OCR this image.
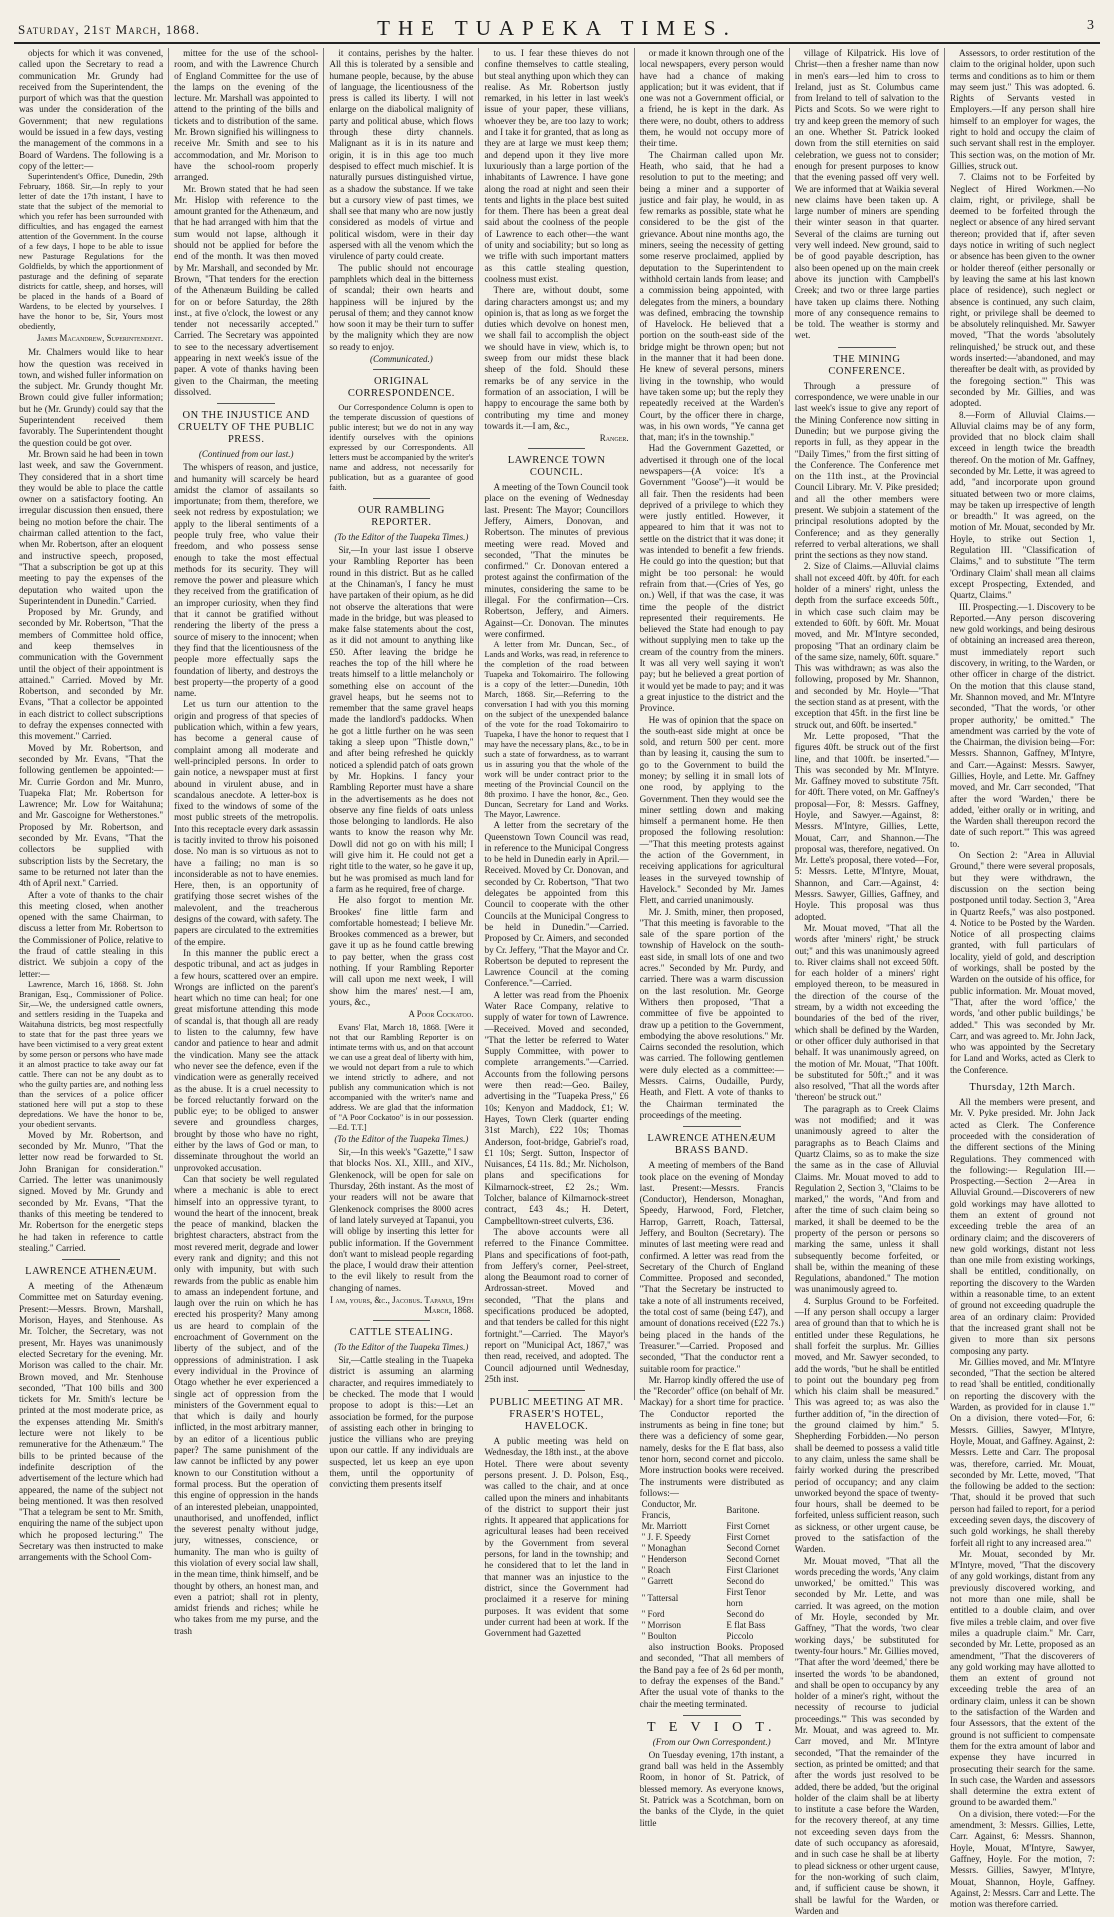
Saturday, 21st March, 1868.	THE TUAPEKA TIMES.	3

objects for which it was convened, called upon the Secretary to read a communication Mr. Grundy had received from the Superintendent, the purport of which was that the question was under the consideration of the Government; that new regulations would be issued in a few days, vesting the management of the commons in a Board of Wardens. The following is a copy of the letter:—

Superintendent's Office, Dunedin, 29th February, 1868. Sir,—In reply to your letter of date the 17th instant, I have to state that the subject of the memorial to which you refer has been surrounded with difficulties, and has engaged the earnest attention of the Government. In the course of a few days, I hope to be able to issue new Pasturage Regulations for the Goldfields, by which the apportionment of pasturage and the defining of separate districts for cattle, sheep, and horses, will be placed in the hands of a Board of Wardens, to be elected by yourselves. I have the honor to be, Sir, Yours most obediently,

James Macandrew, Superintendent.

Mr. Chalmers would like to hear how the question was received in town, and wished fuller information on the subject. Mr. Grundy thought Mr. Brown could give fuller information; but he (Mr. Grundy) could say that the Superintendent received them favorably. The Superintendent thought the question could be got over.

Mr. Brown said he had been in town last week, and saw the Government. They considered that in a short time they would be able to place the cattle owner on a satisfactory footing. An irregular discussion then ensued, there being no motion before the chair. The chairman called attention to the fact, when Mr. Robertson, after an eloquent and instructive speech, proposed, "That a subscription be got up at this meeting to pay the expenses of the deputation who waited upon the Superintendent in Dunedin." Carried.

Proposed by Mr. Grundy, and seconded by Mr. Robertson, "That the members of Committee hold office, and keep themselves in communication with the Government until the object of their appointment is attained." Carried. Moved by Mr. Robertson, and seconded by Mr. Evans, "That a collector be appointed in each district to collect subscriptions to defray the expenses connected with this movement." Carried.

Moved by Mr. Robertson, and seconded by Mr. Evans, "That the following gentlemen be appointed:—Mr. Currie Gordon and Mr. Munro, Tuapeka Flat; Mr. Robertson for Lawrence; Mr. Low for Waitahuna; and Mr. Gascoigne for Wetherstones." Proposed by Mr. Robertson, and seconded by Mr. Evans, "That the collectors be supplied with subscription lists by the Secretary, the same to be returned not later than the 4th of April next." Carried.

After a vote of thanks to the chair this meeting closed, when another opened with the same Chairman, to discuss a letter from Mr. Robertson to the Commissioner of Police, relative to the fraud of cattle stealing in this district. We subjoin a copy of the letter:—

Lawrence, March 16, 1868. St. John Branigan, Esq., Commissioner of Police. Sir,—We, the undersigned cattle owners, and settlers residing in the Tuapeka and Waitahuna districts, beg most respectfully to state that for the past three years we have been victimised to a very great extent by some person or persons who have made it an almost practice to take away our fat cattle. There can not be any doubt as to who the guilty parties are, and nothing less than the services of a police officer stationed here will put a stop to these depredations. We have the honor to be, your obedient servants.

Moved by Mr. Robertson, and seconded by Mr. Munro, "That the letter now read be forwarded to St. John Branigan for consideration." Carried. The letter was unanimously signed. Moved by Mr. Grundy and seconded by Mr. Evans, "That the thanks of this meeting be tendered to Mr. Robertson for the energetic steps he had taken in reference to cattle stealing." Carried.

LAWRENCE ATHENÆUM.

A meeting of the Athenæum Committee met on Saturday evening. Present:—Messrs. Brown, Marshall, Morison, Hayes, and Stenhouse. As Mr. Tolcher, the Secretary, was not present, Mr. Hayes was unanimously elected Secretary for the evening. Mr. Morison was called to the chair. Mr. Brown moved, and Mr. Stenhouse seconded, "That 100 bills and 300 tickets for Mr. Smith's lecture be printed at the most moderate price, as the expenses attending Mr. Smith's lecture were not likely to be remunerative for the Athenæum." The bills to be printed because of the indefinite description of the advertisement of the lecture which had appeared, the name of the subject not being mentioned. It was then resolved "That a telegram be sent to Mr. Smith, enquiring the name of the subject upon which he proposed lecturing." The Secretary was then instructed to make arrangements with the School Com-

mittee for the use of the school-room, and with the Lawrence Church of England Committee for the use of the lamps on the evening of the lecture. Mr. Marshall was appointed to attend to the printing of the bills and tickets and to distribution of the same. Mr. Brown signified his willingness to receive Mr. Smith and see to his accommodation, and Mr. Morison to have the school-room properly arranged.

Mr. Brown stated that he had seen Mr. Hislop with reference to the amount granted for the Athenæum, and that he had arranged with him that the sum would not lapse, although it should not be applied for before the end of the month. It was then moved by Mr. Marshall, and seconded by Mr. Brown, "That tenders for the erection of the Athenæum Building be called for on or before Saturday, the 28th inst., at five o'clock, the lowest or any tender not necessarily accepted." Carried. The Secretary was appointed to see to the necessary advertisement appearing in next week's issue of the paper. A vote of thanks having been given to the Chairman, the meeting dissolved.

ON THE INJUSTICE AND CRUELTY OF THE PUBLIC PRESS.
(Continued from our last.)

The whispers of reason, and justice, and humanity will scarcely be heard amidst the clamor of assailants so importunate; from them, therefore, we seek not redress by expostulation; we apply to the liberal sentiments of a people truly free, who value their freedom, and who possess sense enough to take the most effectual methods for its security. They will remove the power and pleasure which they received from the gratification of an improper curiosity, when they find that it cannot be gratified without rendering the liberty of the press a source of misery to the innocent; when they find that the licentiousness of the people more effectually saps the foundation of liberty, and destroys the best property—the property of a good name.

Let us turn our attention to the origin and progress of that species of publication which, within a few years, has become a general cause of complaint among all moderate and well-principled persons. In order to gain notice, a newspaper must at first abound in virulent abuse, and in scandalous anecdote. A letter-box is fixed to the windows of some of the most public streets of the metropolis. Into this receptacle every dark assassin is tacitly invited to throw his poisoned dose. No man is so virtuous as not to have a failing; no man is so inconsiderable as not to have enemies. Here, then, is an opportunity of gratifying those secret wishes of the malevolent, and the treacherous designs of the coward, with safety. The papers are circulated to the extremities of the empire.

In this manner the public erect a despotic tribunal, and act as judges in a few hours, scattered over an empire. Wrongs are inflicted on the parent's heart which no time can heal; for one great misfortune attending this mode of scandal is, that though all are ready to listen to the calumny, few have candor and patience to hear and admit the vindication. Many see the attack who never see the defence, even if the vindication were as generally received as the abuse. It is a cruel necessity to be forced reluctantly forward on the public eye; to be obliged to answer severe and groundless charges, brought by those who have no right, either by the laws of God or man, to disseminate throughout the world an unprovoked accusation.

Can that society be well regulated where a mechanic is able to erect himself into an oppressive tyrant, to wound the heart of the innocent, break the peace of mankind, blacken the brightest characters, abstract from the most revered merit, degrade and lower every rank and dignity; and this not only with impunity, but with such rewards from the public as enable him to amass an independent fortune, and laugh over the ruin on which he has erected his prosperity? Many among us are heard to complain of the encroachment of Government on the liberty of the subject, and of the oppressions of administration. I ask every individual in the Province of Otago whether he ever experienced a single act of oppression from the ministers of the Government equal to that which is daily and hourly inflicted, in the most arbitrary manner, by an editor of a licentious public paper? The same punishment of the law cannot be inflicted by any power known to our Constitution without a formal process. But the operation of this engine of oppression in the hands of an interested plebeian, unappointed, unauthorised, and unoffended, inflict the severest penalty without judge, jury, witnesses, conscience, or humanity. The man who is guilty of this violation of every social law shall, in the mean time, think himself, and be thought by others, an honest man, and even a patriot; shall rot in plenty, amidst friends and riches; while he who takes from me my purse, and the trash

it contains, perishes by the halter. All this is tolerated by a sensible and humane people, because, by the abuse of language, the licentiousness of the press is called its liberty. I will not enlarge on the diabolical malignity of party and political abuse, which flows through these dirty channels. Malignant as it is in its nature and origin, it is in this age too much despised to effect much mischief. It is naturally pursues distinguished virtue, as a shadow the substance. If we take but a cursory view of past times, we shall see that many who are now justly considered as models of virtue and political wisdom, were in their day aspersed with all the venom which the virulence of party could create.

The public should not encourage pamphlets which deal in the bitterness of scandal; their own hearts and happiness will be injured by the perusal of them; and they cannot know how soon it may be their turn to suffer by the malignity which they are now so ready to enjoy.

(Communicated.)
ORIGINAL CORRESPONDENCE.

Our Correspondence Column is open to the temperate discussion of questions of public interest; but we do not in any way identify ourselves with the opinions expressed by our Correspondents. All letters must be accompanied by the writer's name and address, not necessarily for publication, but as a guarantee of good faith.

OUR RAMBLING REPORTER.
(To the Editor of the Tuapeka Times.)

Sir,—In your last issue I observe your Rambling Reporter has been round in this district. But as he called at the Chinaman's, I fancy he must have partaken of their opium, as he did not observe the alterations that were made in the bridge, but was pleased to make false statements about the cost, as it did not amount to anything like £50. After leaving the bridge he reaches the top of the hill where he treats himself to a little melancholy or something else on account of the gravel heaps, but he seems not to remember that the same gravel heaps made the landlord's paddocks. When he got a little further on he was seen taking a sleep upon "Thistle down," and after being refreshed he quickly noticed a splendid patch of oats grown by Mr. Hopkins. I fancy your Rambling Reporter must have a share in the advertisements as he does not observe any fine fields of oats unless those belonging to landlords. He also wants to know the reason why Mr. Dowll did not go on with his mill; I will give him it. He could not get a right title to the water, so he gave it up, but he was promised as much land for a farm as he required, free of charge.

He also forgot to mention Mr. Brookes' fine little farm and comfortable homestead; I believe Mr. Brookes commenced as a brewer, but gave it up as he found cattle brewing to pay better, when the grass cost nothing. If your Rambling Reporter will call upon me next week, I will show him the mares' nest.—I am, yours, &c.,

A Poor Cockatoo.

Evans' Flat, March 18, 1868. [Were it not that our Rambling Reporter is on intimate terms with us, and on that account we can use a great deal of liberty with him, we would not depart from a rule to which we intend strictly to adhere, and not publish any communication which is not accompanied with the writer's name and address. We are glad that the information of "A Poor Cockatoo" is in our possession.—Ed. T.T.]

(To the Editor of the Tuapeka Times.)

Sir,—In this week's "Gazette," I saw that blocks Nos. XI., XIII., and XIV., Glenkenock, will be open for sale on Thursday, 26th instant. As the most of your readers will not be aware that Glenkenock comprises the 8000 acres of land lately surveyed at Tapanui, you will oblige by inserting this letter for public information. If the Government don't want to mislead people regarding the place, I would draw their attention to the evil likely to result from the changing of names.

I am, yours, &c., Jacobus. Tapanui, 19th March, 1868.
CATTLE STEALING.
(To the Editor of the Tuapeka Times.)

Sir,—Cattle stealing in the Tuapeka district is assuming an alarming character, and requires immediately to be checked. The mode that I would propose to adopt is this:—Let an association be formed, for the purpose of assisting each other in bringing to justice the villians who are preying upon our cattle. If any individuals are suspected, let us keep an eye upon them, until the opportunity of convicting them presents itself

to us. I fear these thieves do not confine themselves to cattle stealing, but steal anything upon which they can realise. As Mr. Robertson justly remarked, in his letter in last week's issue of your paper, these villians, whoever they be, are too lazy to work; and I take it for granted, that as long as they are at large we must keep them; and depend upon it they live more luxuriously than a large portion of the inhabitants of Lawrence. I have gone along the road at night and seen their tents and lights in the place best suited for them. There has been a great deal said about the coolness of the people of Lawrence to each other—the want of unity and sociability; but so long as we trifle with such important matters as this cattle stealing question, coolness must exist.

There are, without doubt, some daring characters amongst us; and my opinion is, that as long as we forget the duties which devolve on honest men, we shall fail to accomplish the object we should have in view, which is, to sweep from our midst these black sheep of the fold. Should these remarks be of any service in the formation of an association, I will be happy to encourage the same both by contributing my time and money towards it.—I am, &c.,

Ranger.
LAWRENCE TOWN COUNCIL.

A meeting of the Town Council took place on the evening of Wednesday last. Present: The Mayor; Councillors Jeffery, Aimers, Donovan, and Robertson. The minutes of previous meeting were read. Moved and seconded, "That the minutes be confirmed." Cr. Donovan entered a protest against the confirmation of the minutes, considering the same to be illegal. For the confirmation—Crs. Robertson, Jeffery, and Aimers. Against—Cr. Donovan. The minutes were confirmed.

A letter from Mr. Duncan, Sec., of Lands and Works, was read, in reference to the completion of the road between Tuapeka and Tokomairiro. The following is a copy of the letter:—Dunedin, 10th March, 1868. Sir,—Referring to the conversation I had with you this morning on the subject of the unexpended balance of the vote for the road Tokomairiro to Tuapeka, I have the honor to request that I may have the necessary plans, &c., to be in such a state of forwardness, as to warrant us in assuring you that the whole of the work will be under contract prior to the meeting of the Provincial Council on the 8th proximo. I have the honor, &c., Geo. Duncan, Secretary for Land and Works. The Mayor, Lawrence.

A letter from the secretary of the Queenstown Town Council was read, in reference to the Municipal Congress to be held in Dunedin early in April.—Received. Moved by Cr. Donovan, and seconded by Cr. Robertson, "That two delegates be appointed from this Council to cooperate with the other Councils at the Municipal Congress to be held in Dunedin."—Carried. Proposed by Cr. Aimers, and seconded by Cr. Jeffery, "That the Mayor and Cr. Robertson be deputed to represent the Lawrence Council at the coming Conference."—Carried.

A letter was read from the Phoenix Water Race Company, relative to supply of water for town of Lawrence.—Received. Moved and seconded, "That the letter be referred to Water Supply Committee, with power to complete arrangements."—Carried. Accounts from the following persons were then read:—Geo. Bailey, advertising in the "Tuapeka Press," £6 10s; Kenyon and Maddock, £1; W. Hayes, Town Clerk (quarter ending 31st March), £22 10s; Thomas Anderson, foot-bridge, Gabriel's road, £1 10s; Sergt. Sutton, Inspector of Nuisances, £4 11s. 8d.; Mr. Nicholson, plans and specifications for Kilmarnock-street, £2 2s.; Wm. Tolcher, balance of Kilmarnock-street contract, £43 4s.; H. Detert, Campbelltown-street culverts, £36.

The above accounts were all referred to the Finance Committee. Plans and specifications of foot-path, from Jeffery's corner, Peel-street, along the Beaumont road to corner of Ardrossan-street. Moved and seconded, "That the plans and specifications produced be adopted, and that tenders be called for this night fortnight."—Carried. The Mayor's report on "Municipal Act, 1867," was then read, received, and adopted. The Council adjourned until Wednesday, 25th inst.

PUBLIC MEETING AT MR. FRASER'S HOTEL, HAVELOCK.

A public meeting was held on Wednesday, the 18th inst., at the above Hotel. There were about seventy persons present. J. D. Polson, Esq., was called to the chair, and at once called upon the miners and inhabitants of the district to support their just rights. It appeared that applications for agricultural leases had been received by the Government from several persons, for land in the township; and he considered that to let the land in that manner was an injustice to the district, since the Government had proclaimed it a reserve for mining purposes. It was evident that some under current had been at work. If the Government had Gazetted

or made it known through one of the local newspapers, every person would have had a chance of making application; but it was evident, that if one was not a Government official, or a friend, he is kept in the dark. As there were, no doubt, others to address them, he would not occupy more of their time.

The Chairman called upon Mr. Heath, who said, that he had a resolution to put to the meeting; and being a miner and a supporter of justice and fair play, he would, in as few remarks as possible, state what he considered to be the gist of the grievance. About nine months ago, the miners, seeing the necessity of getting some reserve proclaimed, applied by deputation to the Superintendent to withhold certain lands from lease; and a commission being appointed, with delegates from the miners, a boundary was defined, embracing the township of Havelock. He believed that a portion on the south-east side of the bridge might be thrown open; but not in the manner that it had been done. He knew of several persons, miners living in the township, who would have taken some up; but the reply they repeatedly received at the Warden's Court, by the officer there in charge, was, in his own words, "Ye canna get that, man; it's in the township."

Had the Government Gazetted, or advertised it through one of the local newspapers—(A voice: It's a Government "Goose")—it would be all fair. Then the residents had been deprived of a privilege to which they were justly entitled. However, it appeared to him that it was not to settle on the district that it was done; it was intended to benefit a few friends. He could go into the question; but that might be too personal: he would refrain from that.—(Cries of Yes, go on.) Well, if that was the case, it was time the people of the district represented their requirements. He believed the State had enough to pay without supplying men to take up the cream of the country from the miners. It was all very well saying it won't pay; but he believed a great portion of it would yet be made to pay; and it was a great injustice to the district and the Province.

He was of opinion that the space on the south-east side might at once be sold, and return 500 per cent. more than by leasing it, causing the sum to go to the Government to build the money; by selling it in small lots of one rood, by applying to the Government. Then they would see the miner settling down and making himself a permanent home. He then proposed the following resolution:—"That this meeting protests against the action of the Government, in receiving applications for agricultural leases in the surveyed township of Havelock." Seconded by Mr. James Flett, and carried unanimously.

Mr. J. Smith, miner, then proposed, "That this meeting is favorable to the sale of the spare portion of the township of Havelock on the south-east side, in small lots of one and two acres." Seconded by Mr. Purdy, and carried. There was a warm discussion on the last resolution. Mr. George Withers then proposed, "That a committee of five be appointed to draw up a petition to the Government, embodying the above resolutions." Mr. Cairns seconded the resolution, which was carried. The following gentlemen were duly elected as a committee:—Messrs. Cairns, Oudaille, Purdy, Heath, and Flett. A vote of thanks to the Chairman terminated the proceedings of the meeting.

LAWRENCE ATHENÆUM BRASS BAND.

A meeting of members of the Band took place on the evening of Monday last. Present:—Messrs. Francis (Conductor), Henderson, Monaghan, Speedy, Harwood, Ford, Fletcher, Harrop, Garrett, Roach, Tattersal, Jeffery, and Boulton (Secretary). The minutes of last meeting were read and confirmed. A letter was read from the Secretary of the Church of England Committee. Proposed and seconded, "That the Secretary be instructed to take a note of all instruments received, the total cost of same (being £47), and amount of donations received (£22 7s.) being placed in the hands of the Treasurer."—Carried. Proposed and seconded, "That the conductor rent a suitable room for practice."

Mr. Harrop kindly offered the use of the "Recorder" office (on behalf of Mr. Mackay) for a short time for practice. The Conductor reported the instruments as being in fine tone; but there was a deficiency of some gear, namely, desks for the E flat bass, also tenor horn, second cornet and piccolo. More instruction books were received. The instruments were distributed as follows:—

Conductor, Mr. Francis,	Baritone.
Mr. Marriott	First Cornet
" J. F. Speedy	First Cornet
" Monaghan	Second Cornet
" Henderson	Second Cornet
" Roach	First Clarionet
" Garrett	Second do
" Tattersal	First Tenor horn
" Ford	Second do
" Morrison	E flat Bass
" Boulton	Piccolo

also instruction Books. Proposed and seconded, "That all members of the Band pay a fee of 2s 6d per month, to defray the expenses of the Band." After the usual vote of thanks to the chair the meeting terminated.

T E V I O T.
(From our Own Correspondent.)

On Tuesday evening, 17th instant, a grand ball was held in the Assembly Room, in honor of St. Patrick, of blessed memory. As everyone knows, St. Patrick was a Scotchman, born on the banks of the Clyde, in the quiet little

village of Kilpatrick. His love of Christ—then a fresher name than now in men's ears—led him to cross to Ireland, just as St. Columbus came from Ireland to tell of salvation to the Picts and Scots. So we were right to try and keep green the memory of such an one. Whether St. Patrick looked down from the still eternities on said celebration, we guess not to consider; enough for present purposes to know that the evening passed off very well. We are informed that at Waikia several new claims have been taken up. A large number of miners are spending their winter season in that quarter. Several of the claims are turning out very well indeed. New ground, said to be of good payable description, has also been opened up on the main creek above its junction with Campbell's Creek; and two or three large parties have taken up claims there. Nothing more of any consequence remains to be told. The weather is stormy and wet.

THE MINING CONFERENCE.

Through a pressure of correspondence, we were unable in our last week's issue to give any report of the Mining Conference now sitting in Dunedin; but we purpose giving the reports in full, as they appear in the "Daily Times," from the first sitting of the Conference. The Conference met on the 11th inst., at the Provincial Council Library. Mr. V. Pike presided; and all the other members were present. We subjoin a statement of the principal resolutions adopted by the Conference; and as they generally referred to verbal alterations, we shall print the sections as they now stand.

2. Size of Claims.—Alluvial claims shall not exceed 40ft. by 40ft. for each holder of a miners' right, unless the depth from the surface exceeds 50ft., in which case such claim may be extended to 60ft. by 60ft. Mr. Mouat moved, and Mr. M'Intyre seconded, proposing "That an ordinary claim be of the same size, namely, 60ft. square." This was withdrawn; as was also the following, proposed by Mr. Shannon, and seconded by Mr. Hoyle—"That the section stand as at present, with the exception that 45ft. in the first line be struck out, and 60ft. be inserted."

Mr. Lette proposed, "That the figures 40ft. be struck out of the first line, and that 100ft. be inserted."—This was seconded by Mr. M'Intyre. Mr. Gaffney moved to substitute 75ft. for 40ft. There voted, on Mr. Gaffney's proposal—For, 8: Messrs. Gaffney, Hoyle, and Sawyer.—Against, 8: Messrs. M'Intyre, Gillies, Lette, Mouat, Carr, and Shannon.—The proposal was, therefore, negatived. On Mr. Lette's proposal, there voted—For, 5: Messrs. Lette, M'Intyre, Mouat, Shannon, and Carr.—Against, 4: Messrs. Sawyer, Gillies, Gaffney, and Hoyle. This proposal was thus adopted.

Mr. Mouat moved, "That all the words after 'miners' right,' be struck out;" and this was unanimously agreed to. River claims shall not exceed 50ft. for each holder of a miners' right employed thereon, to be measured in the direction of the course of the stream, by a width not exceeding the boundaries of the bed of the river, which shall be defined by the Warden, or other officer duly authorised in that behalf. It was unanimously agreed, on the motion of Mr. Mouat, "That 100ft. be substituted for 50ft.;" and it was also resolved, "That all the words after 'thereon' be struck out."

The paragraph as to Creek Claims was not modified; and it was unanimously agreed to alter the paragraphs as to Beach Claims and Quartz Claims, so as to make the size the same as in the case of Alluvial Claims. Mr. Mouat moved to add to Regulation 2, Section 3, "Claims to be marked," the words, "And from and after the time of such claim being so marked, it shall be deemed to be the property of the person or persons so marking the same, unless it shall subsequently become forfeited, or shall be, within the meaning of these Regulations, abandoned." The motion was unanimously agreed to.

4. Surplus Ground to be Forfeited.—If any person shall occupy a larger area of ground than that to which he is entitled under these Regulations, he shall forfeit the surplus. Mr. Gillies moved, and Mr. Sawyer seconded, to add the words, "but he shall be entitled to point out the boundary peg from which his claim shall be measured." This was agreed to; as was also the further addition of, "in the direction of the ground claimed by him." 5. Shepherding Forbidden.—No person shall be deemed to possess a valid title to any claim, unless the same shall be fairly worked during the prescribed period of occupancy; and any claim unworked beyond the space of twenty-four hours, shall be deemed to be forfeited, unless sufficient reason, such as sickness, or other urgent cause, be proved to the satisfaction of the Warden.

Mr. Mouat moved, "That all the words preceding the words, 'Any claim unworked,' be omitted." This was seconded by Mr. Lette, and was carried. It was agreed, on the motion of Mr. Hoyle, seconded by Mr. Gaffney, "That the words, 'two clear working days,' be substituted for twenty-four hours." Mr. Gillies moved, "That after the word 'deemed,' there be inserted the words 'to be abandoned, and shall be open to occupancy by any holder of a miner's right, without the necessity of recourse to judicial proceedings.'" This was seconded by Mr. Mouat, and was agreed to. Mr. Carr moved, and Mr. M'Intyre seconded, "That the remainder of the section, as printed be omitted; and that after the words just resolved to be added, there be added, 'but the original holder of the claim shall be at liberty to institute a case before the Warden, for the recovery thereof, at any time not exceeding seven days from the date of such occupancy as aforesaid, and in such case he shall be at liberty to plead sickness or other urgent cause, for the non-working of such claim, and, if sufficient cause be shown, it shall be lawful for the Warden, or Warden and

Assessors, to order restitution of the claim to the original holder, upon such terms and conditions as to him or them may seem just." This was adopted. 6. Rights of Servants vested in Employers.—If any person shall hire himself to an employer for wages, the right to hold and occupy the claim of such servant shall rest in the employer. This section was, on the motion of Mr. Gillies, struck out.

7. Claims not to be Forfeited by Neglect of Hired Workmen.—No claim, right, or privilege, shall be deemed to be forfeited through the neglect or absence of any hired servant thereon; provided that if, after seven days notice in writing of such neglect or absence has been given to the owner or holder thereof (either personally or by leaving the same at his last known place of residence), such neglect or absence is continued, any such claim, right, or privilege shall be deemed to be absolutely relinquished. Mr. Sawyer moved, "That the words 'absolutely relinquished,' be struck out, and these words inserted:—'abandoned, and may thereafter be dealt with, as provided by the foregoing section.'" This was seconded by Mr. Gillies, and was adopted.

8.—Form of Alluvial Claims.—Alluvial claims may be of any form, provided that no block claim shall exceed in length twice the breadth thereof. On the motion of Mr. Gaffney, seconded by Mr. Lette, it was agreed to add, "and incorporate upon ground situated between two or more claims, may be taken up irrespective of length or breadth." It was agreed, on the motion of Mr. Mouat, seconded by Mr. Hoyle, to strike out Section 1, Regulation III. "Classification of Claims," and to substitute "The term 'Ordinary Claim' shall mean all claims except Prospecting, Extended, and Quartz, Claims."

III. Prospecting.—1. Discovery to be Reported.—Any person discovering new gold workings, and being desirous of obtaining an increased area thereon, must immediately report such discovery, in writing, to the Warden, or other officer in charge of the district. On the motion that this clause stand, Mr. Shannon moved, and Mr. M'Intyre seconded, "That the words, 'or other proper authority,' be omitted." The amendment was carried by the vote of the Chairman, the division being—For: Messrs. Shannon, Gaffney, M'Intyre, and Carr.—Against: Messrs. Sawyer, Gillies, Hoyle, and Lette. Mr. Gaffney moved, and Mr. Carr seconded, "That after the word 'Warden,' there be added, 'either orally or in writing, and the Warden shall thereupon record the date of such report.'" This was agreed to.

On Section 2: "Area in Alluvial Ground," there were several proposals, but they were withdrawn, the discussion on the section being postponed until today. Section 3, "Area in Quartz Reefs," was also postponed. 4. Notice to be Posted by the Warden. Notice of all prospecting claims granted, with full particulars of locality, yield of gold, and description of workings, shall be posted by the Warden on the outside of his office, for public information. Mr. Mouat moved, "That, after the word 'office,' the words, 'and other public buildings,' be added." This was seconded by Mr. Carr, and was agreed to. Mr. John Jack, who was appointed by the Secretary for Land and Works, acted as Clerk to the Conference.

Thursday, 12th March.

All the members were present, and Mr. V. Pyke presided. Mr. John Jack acted as Clerk. The Conference proceeded with the consideration of the different sections of the Mining Regulations. They commenced with the following:— Regulation III.—Prospecting.—Section 2—Area in Alluvial Ground.—Discoverers of new gold workings may have allotted to them an extent of ground not exceeding treble the area of an ordinary claim; and the discoverers of new gold workings, distant not less than one mile from existing workings, shall be entitled, conditionally, on reporting the discovery to the Warden within a reasonable time, to an extent of ground not exceeding quadruple the area of an ordinary claim: Provided that the increased grant shall not be given to more than six persons composing any party.

Mr. Gillies moved, and Mr. M'Intyre seconded, "That the section be altered to read 'shall be entitled, conditionally on reporting the discovery with the Warden, as provided for in clause 1.'" On a division, there voted—For, 6: Messrs. Gillies, Sawyer, M'Intyre, Hoyle, Mouat, and Gaffney. Against, 2: Messrs. Lette and Carr. The proposal was, therefore, carried. Mr. Mouat, seconded by Mr. Lette, moved, "That the following be added to the section: 'That, should it be proved that such person had failed to report, for a period exceeding seven days, the discovery of such gold workings, he shall thereby forfeit all right to any increased area.'"

Mr. Mouat, seconded by Mr. M'Intyre, moved, "That the discovery of any gold workings, distant from any previously discovered working, and not more than one mile, shall be entitled to a double claim, and over five miles a treble claim, and over five miles a quadruple claim." Mr. Carr, seconded by Mr. Lette, proposed as an amendment, "That the discoverers of any gold working may have allotted to them an extent of ground not exceeding treble the area of an ordinary claim, unless it can be shown to the satisfaction of the Warden and four Assessors, that the extent of the ground is not sufficient to compensate them for the extra amount of labor and expense they have incurred in prosecuting their search for the same. In such case, the Warden and assessors shall determine the extra extent of ground to be awarded them."

On a division, there voted:—For the amendment, 3: Messrs. Gillies, Lette, Carr. Against, 6: Messrs. Shannon, Hoyle, Mouat, M'Intyre, Sawyer, Gaffney, Hoyle. For the motion, 7: Messrs. Gillies, Sawyer, M'Intyre, Mouat, Shannon, Hoyle, Gaffney. Against, 2: Messrs. Carr and Lette. The motion was therefore carried.
